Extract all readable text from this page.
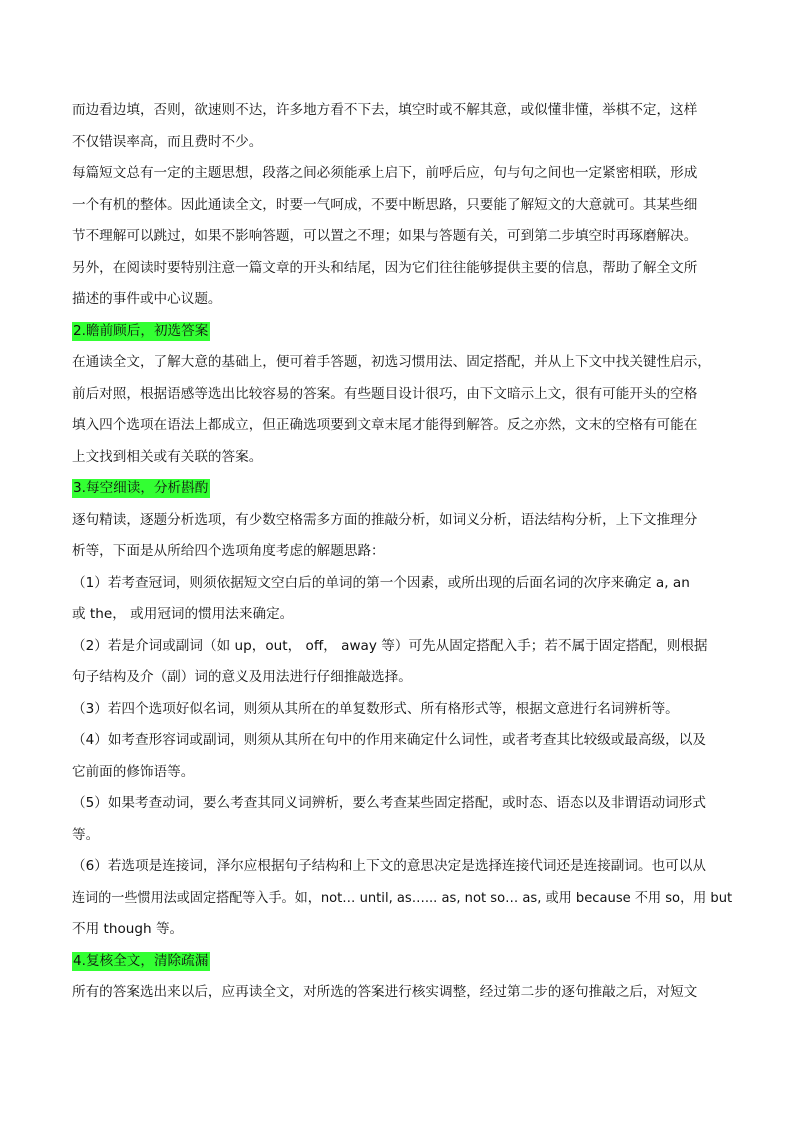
而边看边填，否则，欲速则不达，许多地方看不下去，填空时或不解其意，或似懂非懂，举棋不定，这样
不仅错误率高，而且费时不少。
每篇短文总有一定的主题思想，段落之间必须能承上启下，前呼后应，句与句之间也一定紧密相联，形成
一个有机的整体。因此通读全文，时要一气呵成，不要中断思路，只要能了解短文的大意就可。其某些细
节不理解可以跳过，如果不影响答题，可以置之不理；如果与答题有关，可到第二步填空时再琢磨解决。
另外，在阅读时要特别注意一篇文章的开头和结尾，因为它们往往能够提供主要的信息，帮助了解全文所
描述的事件或中心议题。
2.瞻前顾后，初选答案
在通读全文，了解大意的基础上，便可着手答题，初选习惯用法、固定搭配，并从上下文中找关键性启示，
前后对照，根据语感等选出比较容易的答案。有些题目设计很巧，由下文暗示上文，很有可能开头的空格
填入四个选项在语法上都成立，但正确选项要到文章末尾才能得到解答。反之亦然，文末的空格有可能在
上文找到相关或有关联的答案。
3.每空细读，分析斟酌
逐句精读，逐题分析选项，有少数空格需多方面的推敲分析，如词义分析，语法结构分析，上下文推理分
析等，下面是从所给四个选项角度考虑的解题思路：
（1）若考查冠词，则须依据短文空白后的单词的第一个因素，或所出现的后面名词的次序来确定 a, an
或 the， 或用冠词的惯用法来确定。
（2）若是介词或副词（如 up，out， off， away 等）可先从固定搭配入手；若不属于固定搭配，则根据
句子结构及介（副）词的意义及用法进行仔细推敲选择。
（3）若四个选项好似名词，则须从其所在的单复数形式、所有格形式等，根据文意进行名词辨析等。
（4）如考查形容词或副词，则须从其所在句中的作用来确定什么词性，或者考查其比较级或最高级，以及
它前面的修饰语等。
（5）如果考查动词，要么考查其同义词辨析，要么考查某些固定搭配，或时态、语态以及非谓语动词形式
等。
（6）若选项是连接词，泽尔应根据句子结构和上下文的意思决定是选择连接代词还是连接副词。也可以从
连词的一些惯用法或固定搭配等入手。如，not… until, as…... as, not so… as, 或用 because 不用 so，用 but
不用 though 等。
4.复核全文，清除疏漏
所有的答案选出来以后，应再读全文，对所选的答案进行核实调整，经过第二步的逐句推敲之后，对短文
